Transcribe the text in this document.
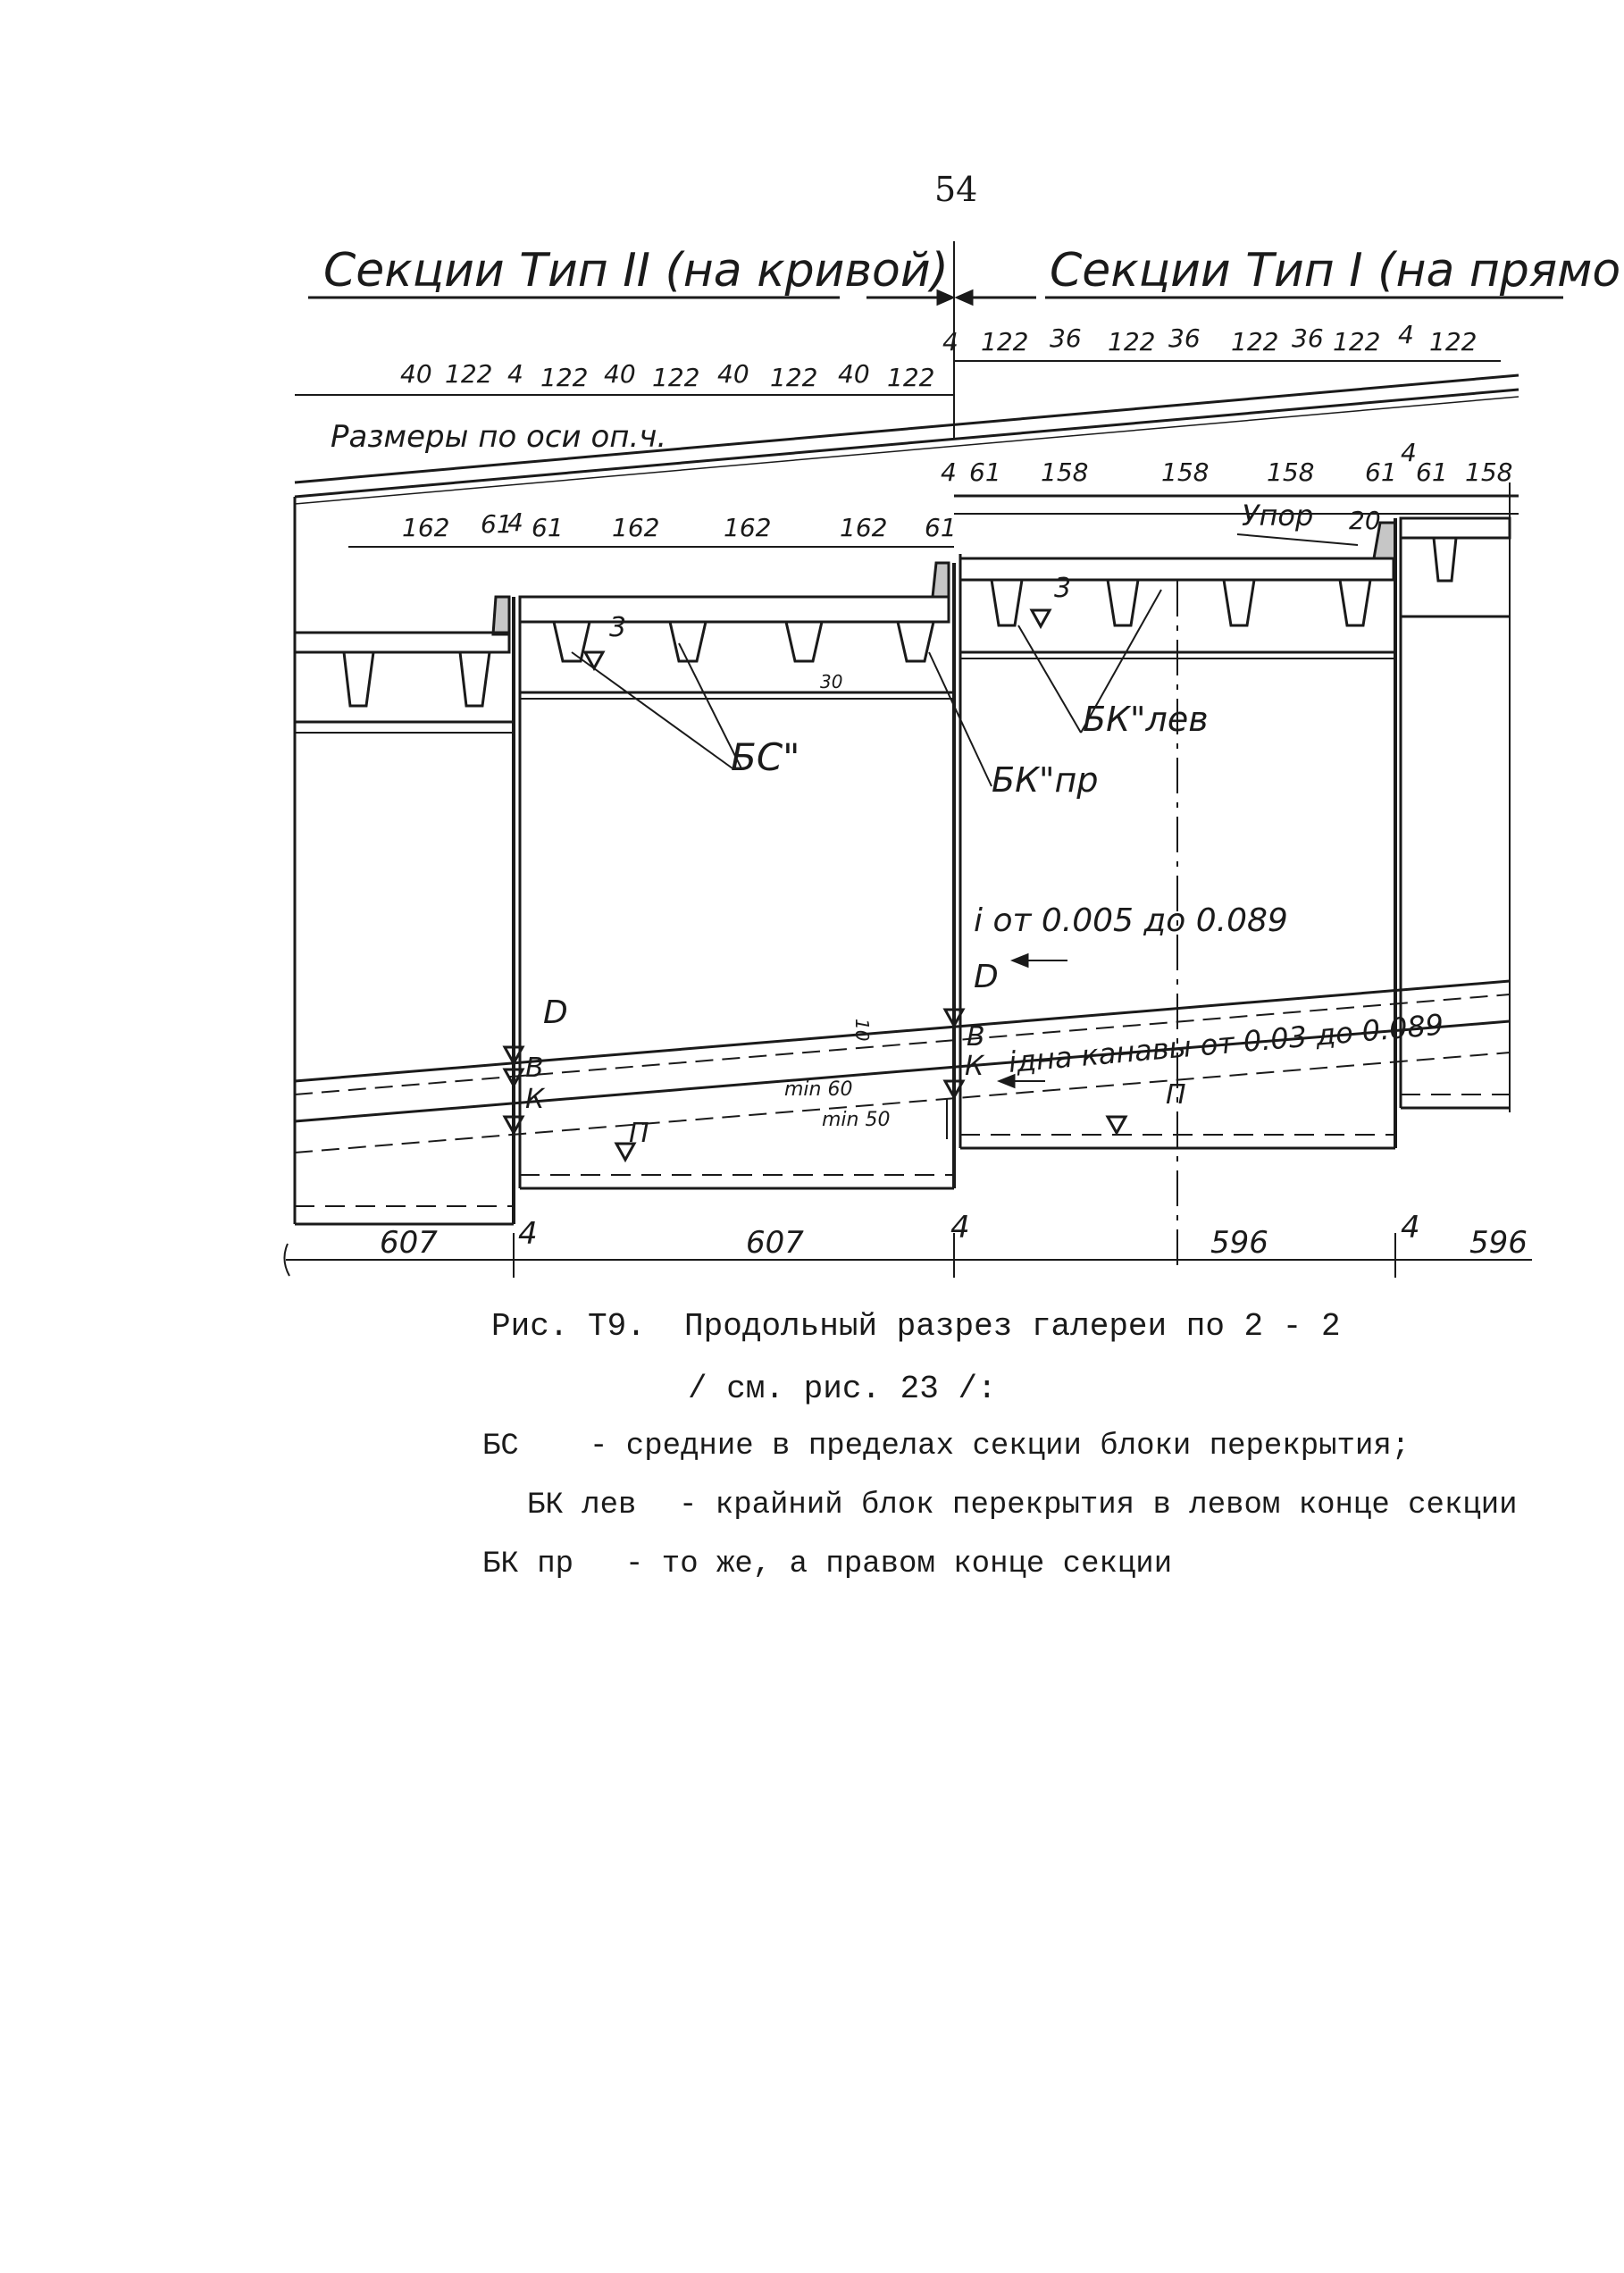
54
Секции Тип II (на кривой) Секции Тип I (на прямо
Размеры по оси оп.ч.
40 122 4 122 40 122 40 122 40 122
4 122 36 122 36 122 36 122 4 122
162 61
4 61 162	162	162 61
4 61 158	158 158 61
4
61 158
Упор 20
3
3
30
БС"
БК"лев
БК"пр
i от 0.005 до 0.089
iдна канавы от 0.03 до 0.089
D
В
К
П
D
В
К
П
min 60
min 50
10
607	4	607	4	596	4 596
Рис. Т9.  Продольный разрез галереи по 2 - 2
/ см. рис. 23 /:
БС - средние в пределах секции блоки перекрытия;
БК лев - крайний блок перекрытия в левом конце секции
БК пр - то же, а правом конце секции
